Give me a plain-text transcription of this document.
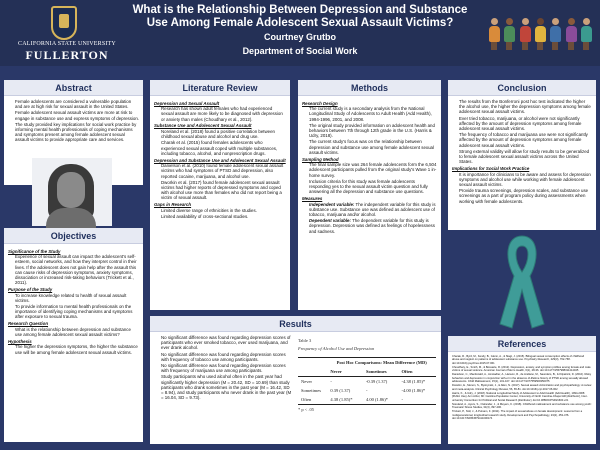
CALIFORNIA STATE UNIVERSITY
FULLERTON
What is the Relationship Between Depression and Substance Use Among Female Adolescent Sexual Assault Victims?
Courtney Grutbo
Department of Social Work
Abstract
• Female adolescents are considered a vulnerable population and are at high risk for sexual assault in the United States.
• Female adolescent sexual assault victims are more at risk to engage in substance use and express symptoms of depression.
• The study provided key implications for social work practice by informing mental health professionals of coping mechanisms and symptoms present among female adolescent sexual assault victims to provide appropriate care and services.
Objectives
Significance of the Study
• Experience of sexual assault can impact the adolescent's self-esteem, social networks, and how they interpret control in their lives. If the adolescent does not gain help after the assault this can cause risks of depression symptoms, anxiety symptoms, dissociation or increased risk-taking behaviors (Trickett et al., 2011).
Purpose of the Study
• To increase knowledge related to health of sexual assault victims.
• To provide information to mental health professionals on the importance of identifying coping mechanisms and symptoms after exposure to sexual trauma.
Research Question
• What is the relationship between depression and substance use among female adolescent sexual assault victims?
Hypothesis
• The higher the depression symptoms, the higher the substance use will be among female adolescent sexual assault victims.
Literature Review
Depression and Sexual Assault
• Research has shown adult females who had experienced sexual assault are more likely to be diagnosed with depression or anxiety than males (Choudhary et al., 2012).
Substance Use and Adolescent Sexual Assault
• Noreland et al. (2018) found a positive correlation between childhood sexual abuse and alcohol and drug use.
• Charak et al. (2015) found females adolescents who experienced sexual assault coped with multiple substances, including tobacco, alcohol, and nonprescription drugs.
Depression and Substance Use and Adolescent Sexual Assault
• Danielson et al. (2010) found female adolescent sexual assault victims who had symptoms of PTSD and depression, also reported cocaine, marijuana, and alcohol use.
• Dworkin et al. (2017) found female adolescent sexual assault victims had higher reports of depressed symptoms and coped with alcohol use more than females who did not report being a victim of sexual assault.
Gaps in Research
• Limited diverse range of ethnicities in the studies.
• Limited availability of cross-sectional studies.
Methods
Research Design
• The current study is a secondary analysis from the National Longitudinal Study of Adolescents to Adult Health (Add Health), 1994-1996, 2001, and 2008.
• The original study provided information on adolescent health and behaviors between 7th through 12th grade in the U.S. (Harris & Udry, 2018).
• The current study's focus was on the relationship between depression and substance use among female adolescent sexual assault victims.
Sampling Method
• The final sample size was 264 female adolescents form the 6,504 adolescent participants pulled from the original study's Wave 1 in-home survey.
• Inclusion criteria for this study was female adolescents responding yes to the sexual assault victim question and fully answering all the depression and substance use questions.
Measures
• Independent variable: The independent variable for this study is substance use. Substance use was defined as adolescent use of tobacco, marijuana and/or alcohol.
• Dependent variable: The dependent variable for this study is depression. Depression was defined as feelings of hopelessness and sadness.
Conclusion
• The results from the Bonferroni post hoc test indicated the higher the alcohol use, the higher the depression symptoms among female adolescent sexual assault victims.
• Ever tried tobacco, marijuana, or alcohol were not significantly affected by the amount of depression symptoms among female adolescent sexual assault victims.
• The frequency of tobacco and marijuana use were not significantly affected by the amount of depression symptoms among female adolescent sexual assault victims.
• Strong external validity will allow for study results to be generalized to female adolescent sexual assault victims across the United States.
Implications for Social Work Practice
• It is importance for clinicians to be aware and assess for depression symptoms and alcohol use while working with female adolescent sexual assault victims.
• Provide trauma screenings, depression scales, and substance use screenings as a part of program policy during assessments when working with female adolescents.
Results
• No significant difference was found regarding depression scores of participants who ever smoked tobacco, ever used marijuana, and ever drank alcohol.
• No significant difference was found regarding depression scores with frequency of tobacco use among participants.
• No significant difference was found regarding depression scores with frequency of marijuana use among participants.
• Study participants who used alcohol often in the past year had significantly higher depression (M = 20.42, SD = 10.69) than study participants who drank sometimes in the past year (M = 16.42, SD = 8.94), and study participants who never drank in the past year (M = 16.04, SD = 9.73).
Table 3
Frequency of Alcohol Use and Depression
	Post Hoc Comparisons: Mean Difference (MD)		
	Never	Sometimes	Often
Never	-	-0.39 (1.37)	-4.38 (1.85)*
Sometimes	0.39 (1.37)	-	-4.00 (1.86)*
Often	4.38 (1.85)*	4.00 (1.86)*	-
* p < .05
References
Charak, R., Byrd, M., Kendy, B., Glenn, A., & Slagt, J. (2015). Bilingual sexual consumption effects of childhood abuse and neglect on patterns of adolescent substance use. Psychiatry Research, 229(3), 762-768. doi:10.1016/j.psychres.2015.07.061
Choudhary, E., Smith, M., & Bossarte, R. (2012). Depression, anxiety, and symptom profiles among female and male victims of sexual violence. American Journal of Men's Health, 6(1), 28-36. doi:10.1177/1557988311414045
Danielson, C., Macdonald, A., Amstadter, A., Hanson, R., de Arellano, M., Saunders, B., & Kilpatrick, D. (2010). Risky behaviors and depression in conjunction with-or in the absence of-lifetime history of PTSD among sexually abused adolescents. Child Maltreatment, 15(1), 101-107. doi:10.1177/1077559509350075
Dworkin, E., Menon, S., Bystrynski, J., & Allen, N. (2017). Sexual assault victimization and psychopathology: A review and meta-analysis. Clinical Psychology Review, 56, 65-81. doi:10.1016/j.cpr.2017.06.002
Harris, K., & Udry, J. (2018). National Longitudinal Study of Adolescent to Adult Health (Add Health), 1994-2008 [Public Use]. Ann Arbor, MI: Carolina Population Center, University of North Carolina-Chapel Hill [distributor], Inter-university Consortium for Political and Social Research [distributor]. doi:10.3886/ICPSR21600.v21
Noreland, A., Ayers, S., Ostrander, J., & Meyers, K. (2018). Childhood maltreatment and substance use among youth: Traumatic Stress Studies, 31(3), 397-406.
Trickett, P., Noll, J., & Putnam, F. (2011). The impact of sexual abuse on female development: Lessons from a multigenerational, longitudinal research study. Development and Psychopathology, 23(2), 453-476. doi:10.1017/S0954579411000174
